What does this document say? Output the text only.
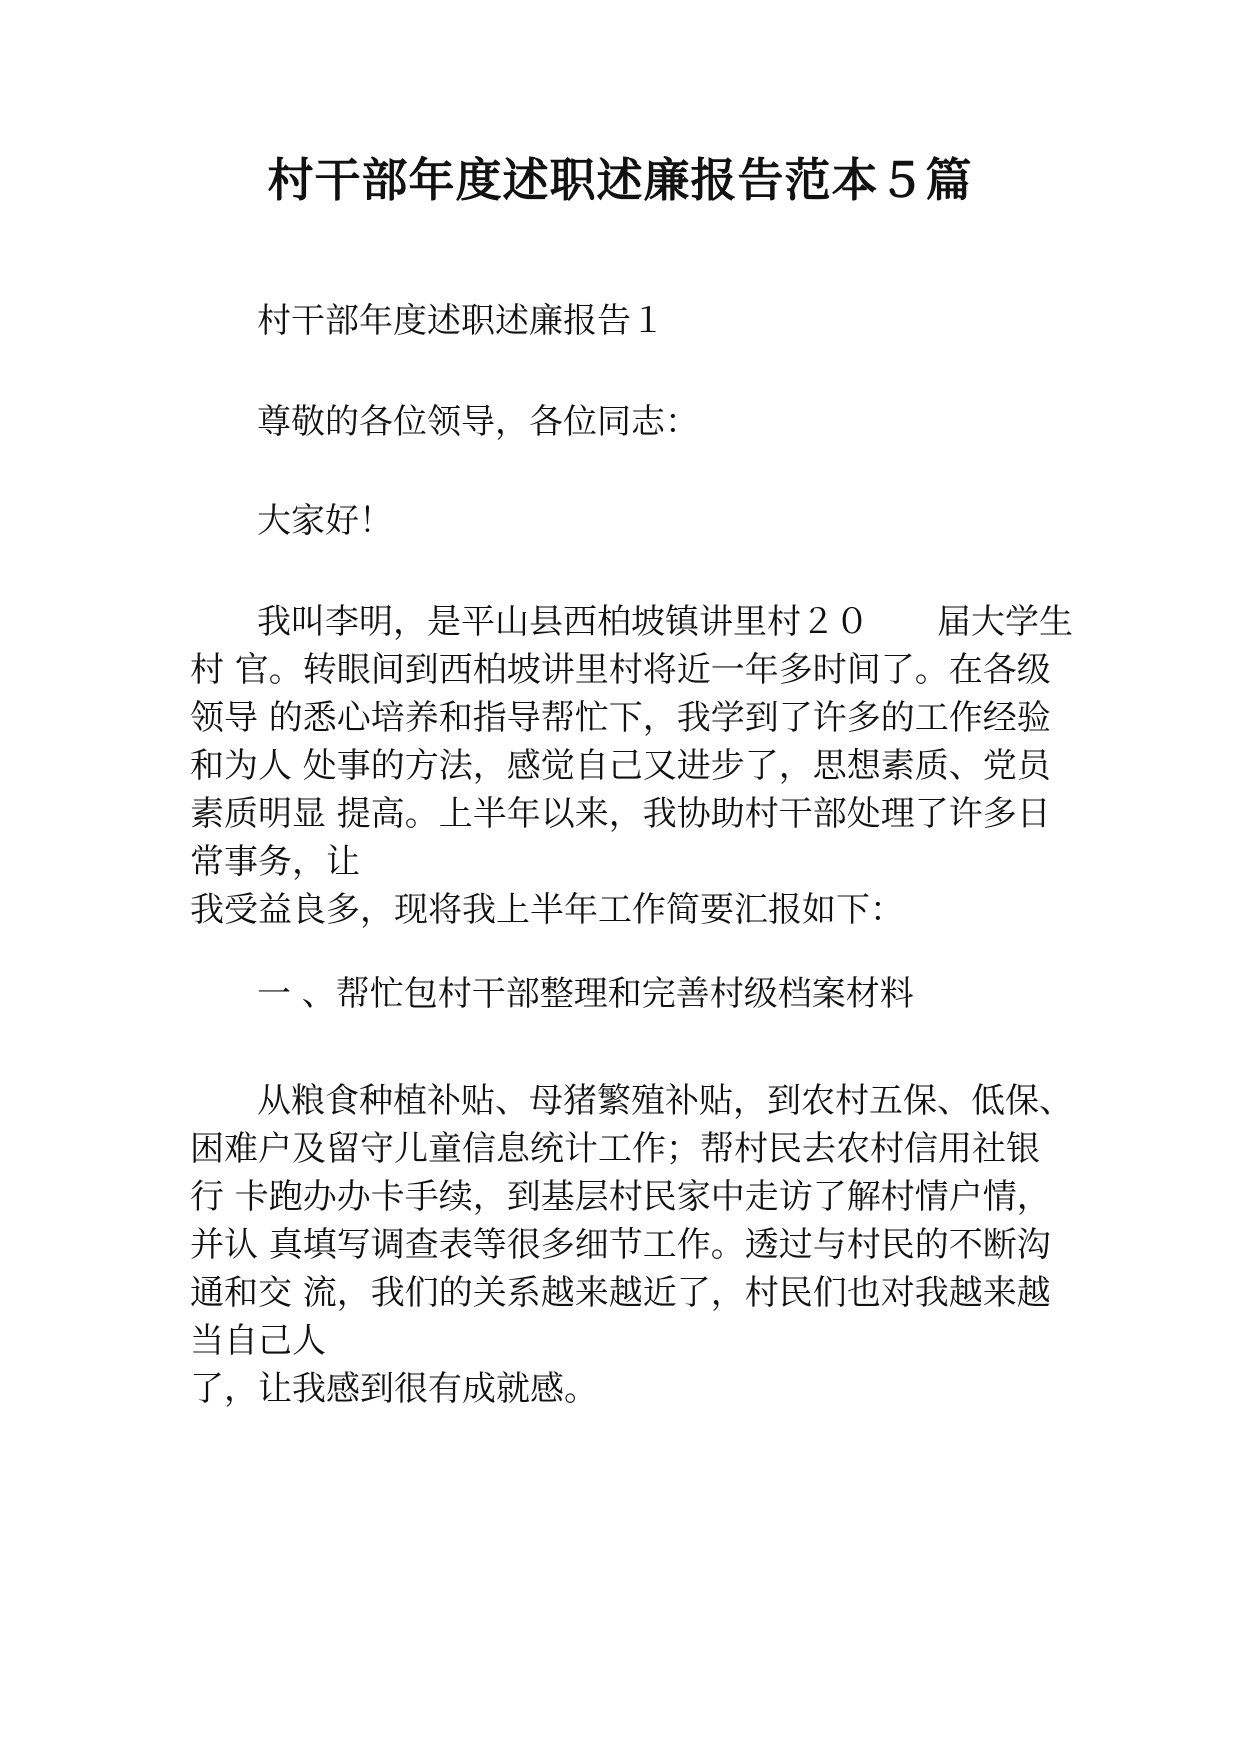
村干部年度述职述廉报告范本５篇

村干部年度述职述廉报告１

尊敬的各位领导，各位同志：

大家好！

我叫李明，是平山县西柏坡镇讲里村２０　　届大学生
村 官。转眼间到西柏坡讲里村将近一年多时间了。在各级
领导 的悉心培养和指导帮忙下，我学到了许多的工作经验
和为人 处事的方法，感觉自己又进步了，思想素质、党员
素质明显 提高。上半年以来，我协助村干部处理了许多日
常事务，让
我受益良多，现将我上半年工作简要汇报如下：

一 、帮忙包村干部整理和完善村级档案材料

从粮食种植补贴、母猪繁殖补贴，到农村五保、低保、
困难户及留守儿童信息统计工作；帮村民去农村信用社银
行 卡跑办办卡手续，到基层村民家中走访了解村情户情，
并认 真填写调查表等很多细节工作。透过与村民的不断沟
通和交 流，我们的关系越来越近了，村民们也对我越来越
当自己人
了，让我感到很有成就感。
